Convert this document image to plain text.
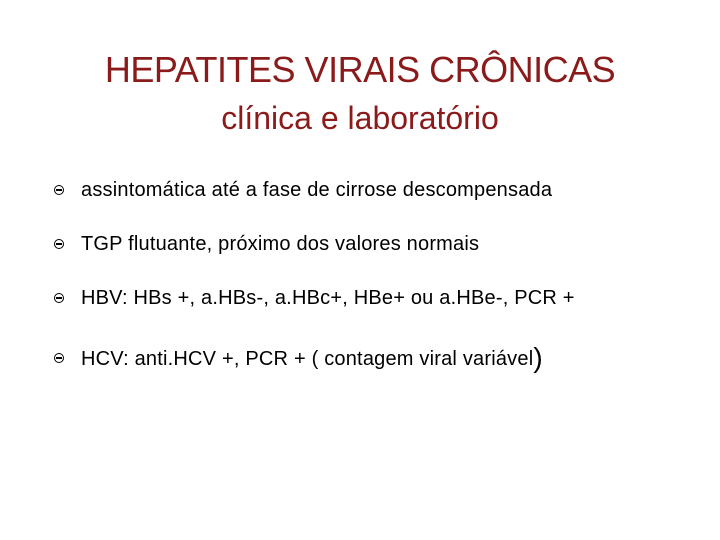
HEPATITES VIRAIS CRÔNICAS
clínica e laboratório
assintomática até a fase de cirrose descompensada
TGP flutuante, próximo dos valores normais
HBV: HBs +, a.HBs-, a.HBc+, HBe+ ou a.HBe-, PCR +
HCV: anti.HCV +, PCR + ( contagem viral variável)
